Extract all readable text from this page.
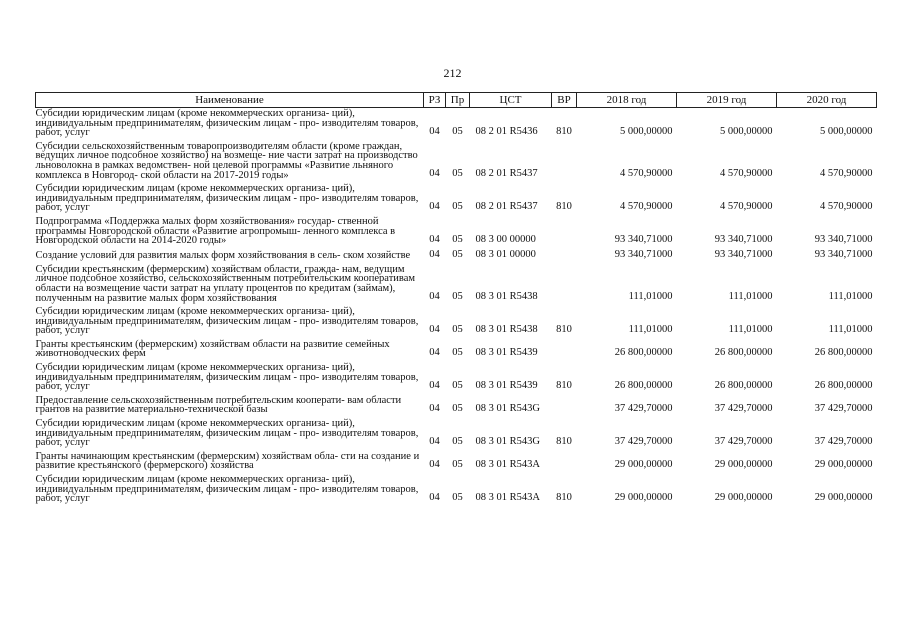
212
Наименование	РЗ	Пр	ЦСТ	ВР	2018 год	2019 год	2020 год
Субсидии юридическим лицам (кроме некоммерческих организа- ций), индивидуальным предпринимателям, физическим лицам - про- изводителям товаров, работ, услуг	04	05	08 2 01 R5436	810	5 000,00000	5 000,00000	5 000,00000
Субсидии сельскохозяйственным товаропроизводителям области (кроме граждан, ведущих личное подсобное хозяйство) на возмеще- ние части затрат на производство льноволокна в рамках ведомствен- ной целевой программы «Развитие льняного комплекса в Новгород- ской области на 2017-2019 годы»	04	05	08 2 01 R5437		4 570,90000	4 570,90000	4 570,90000
Субсидии юридическим лицам (кроме некоммерческих организа- ций), индивидуальным предпринимателям, физическим лицам - про- изводителям товаров, работ, услуг	04	05	08 2 01 R5437	810	4 570,90000	4 570,90000	4 570,90000
Подпрограмма «Поддержка малых форм хозяйствования» государ- ственной программы Новгородской области «Развитие агропромыш- ленного комплекса в Новгородской области на 2014-2020 годы»	04	05	08 3 00 00000		93 340,71000	93 340,71000	93 340,71000
Создание условий для развития малых форм хозяйствования в сель- ском хозяйстве	04	05	08 3 01 00000		93 340,71000	93 340,71000	93 340,71000
Субсидии крестьянским (фермерским) хозяйствам области, гражда- нам, ведущим личное подсобное хозяйство, сельскохозяйственным потребительским кооперативам области на возмещение части затрат на уплату процентов по кредитам (займам), полученным на развитие малых форм хозяйствования	04	05	08 3 01 R5438		111,01000	111,01000	111,01000
Субсидии юридическим лицам (кроме некоммерческих организа- ций), индивидуальным предпринимателям, физическим лицам - про- изводителям товаров, работ, услуг	04	05	08 3 01 R5438	810	111,01000	111,01000	111,01000
Гранты крестьянским (фермерским) хозяйствам области на развитие семейных животноводческих ферм	04	05	08 3 01 R5439		26 800,00000	26 800,00000	26 800,00000
Субсидии юридическим лицам (кроме некоммерческих организа- ций), индивидуальным предпринимателям, физическим лицам - про- изводителям товаров, работ, услуг	04	05	08 3 01 R5439	810	26 800,00000	26 800,00000	26 800,00000
Предоставление сельскохозяйственным потребительским кооперати- вам области грантов на развитие материально-технической базы	04	05	08 3 01 R543G		37 429,70000	37 429,70000	37 429,70000
Субсидии юридическим лицам (кроме некоммерческих организа- ций), индивидуальным предпринимателям, физическим лицам - про- изводителям товаров, работ, услуг	04	05	08 3 01 R543G	810	37 429,70000	37 429,70000	37 429,70000
Гранты начинающим крестьянским (фермерским) хозяйствам обла- сти на создание и развитие крестьянского (фермерского) хозяйства	04	05	08 3 01 R543A		29 000,00000	29 000,00000	29 000,00000
Субсидии юридическим лицам (кроме некоммерческих организа- ций), индивидуальным предпринимателям, физическим лицам - про- изводителям товаров, работ, услуг	04	05	08 3 01 R543A	810	29 000,00000	29 000,00000	29 000,00000
